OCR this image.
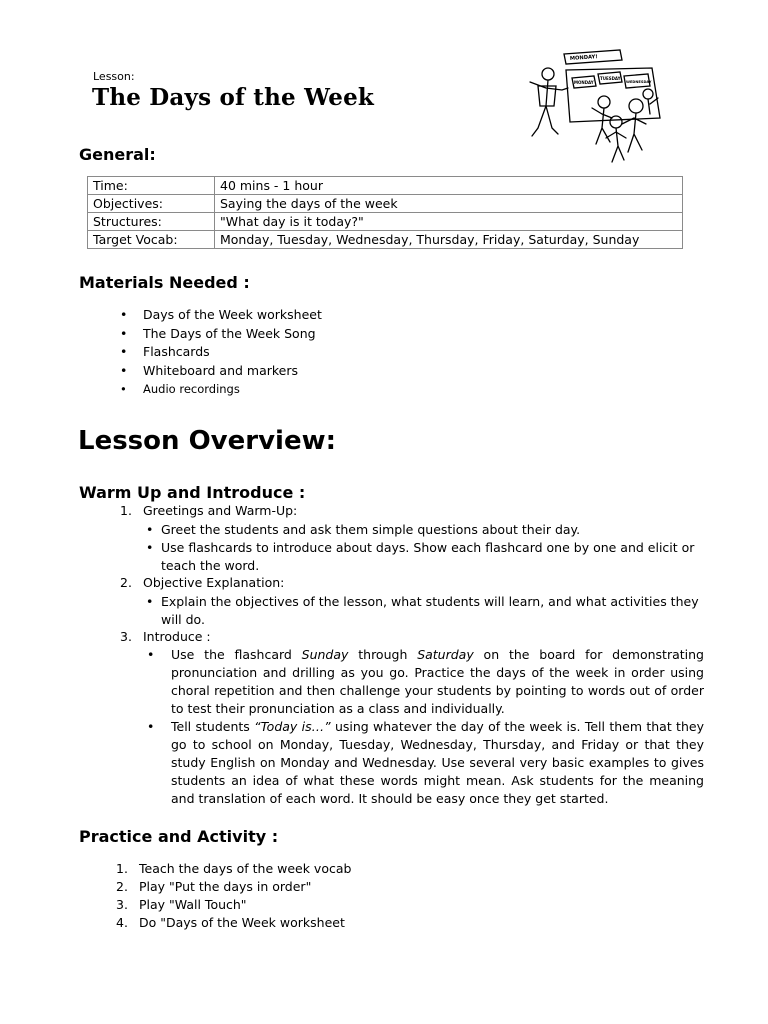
Lesson:
The Days of the Week
MONDAY!
MONDAY
TUESDAY
WEDNESDAY
General:
Time:	40 mins - 1 hour
Objectives:	Saying the days of the week
Structures:	"What day is it today?"
Target Vocab:	Monday, Tuesday, Wednesday, Thursday, Friday, Saturday, Sunday
Materials Needed :
• Days of the Week worksheet
• The Days of the Week Song
• Flashcards
• Whiteboard and markers
• Audio recordings
Lesson Overview:
Warm Up and Introduce :
1. Greetings and Warm-Up:
• Greet the students and ask them simple questions about their day.
• Use flashcards to introduce about days. Show each flashcard one by one and elicit or teach the word.
2. Objective Explanation:
• Explain the objectives of the lesson, what students will learn, and what activities they will do.
3. Introduce :
• Use the flashcard Sunday through Saturday on the board for demonstrating pronunciation and drilling as you go. Practice the days of the week in order using choral repetition and then challenge your students by pointing to words out of order to test their pronunciation as a class and individually.
• Tell students “Today is…” using whatever the day of the week is. Tell them that they go to school on Monday, Tuesday, Wednesday, Thursday, and Friday or that they study English on Monday and Wednesday. Use several very basic examples to gives students an idea of what these words might mean. Ask students for the meaning and translation of each word. It should be easy once they get started.
Practice and Activity :
1. Teach the days of the week vocab
2. Play "Put the days in order"
3. Play "Wall Touch"
4. Do "Days of the Week worksheet
